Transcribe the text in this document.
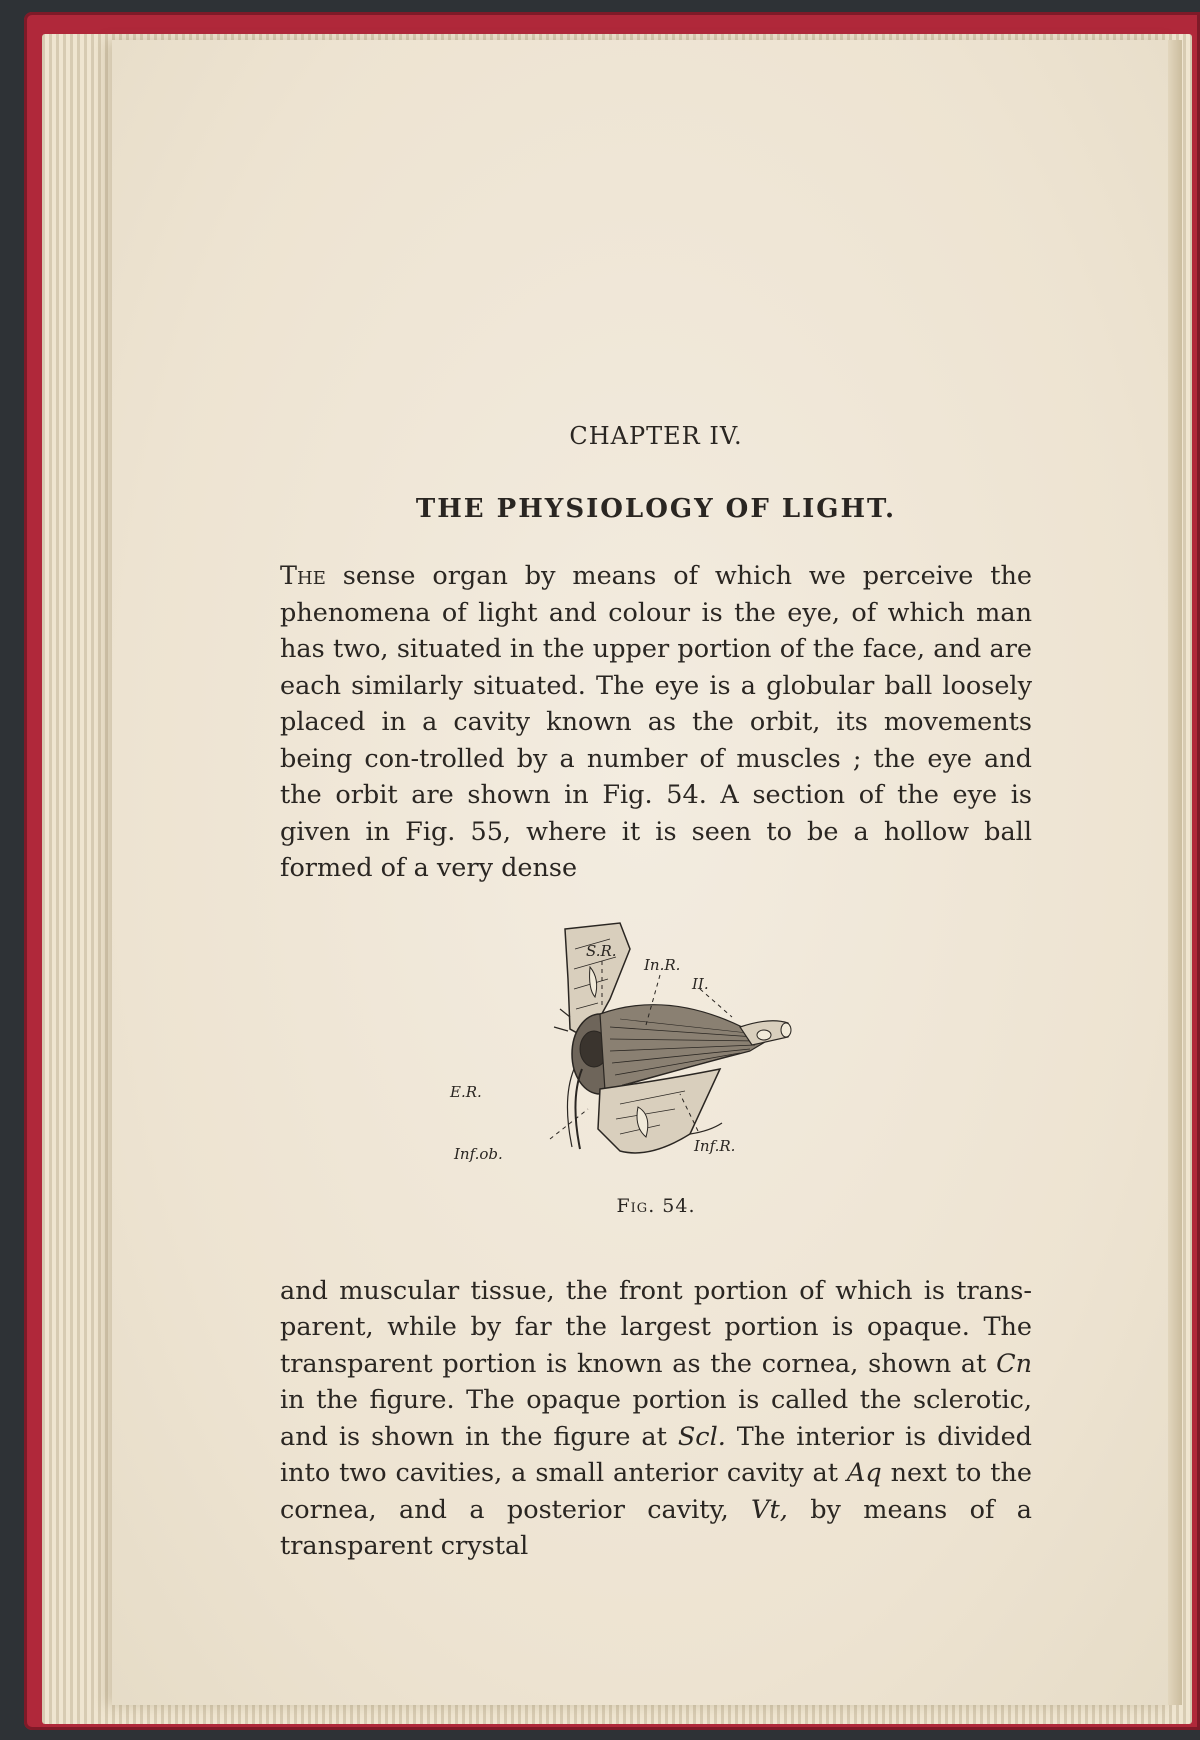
CHAPTER IV.
THE PHYSIOLOGY OF LIGHT.

The sense organ by means of which we perceive the phenomena of light and colour is the eye, of which man has two, situated in the upper portion of the face, and are each similarly situated. The eye is a globular ball loosely placed in a cavity known as the orbit, its movements being con-trolled by a number of muscles ; the eye and the orbit are shown in Fig. 54. A section of the eye is given in Fig. 55, where it is seen to be a hollow ball formed of a very dense

S.R.
In.R.
II.
E.R.
Inf.ob.	Inf.R.
Fig. 54.

and muscular tissue, the front portion of which is trans-parent, while by far the largest portion is opaque. The transparent portion is known as the cornea, shown at Cn in the figure. The opaque portion is called the sclerotic, and is shown in the figure at Scl. The interior is divided into two cavities, a small anterior cavity at Aq next to the cornea, and a posterior cavity, Vt, by means of a transparent crystal
